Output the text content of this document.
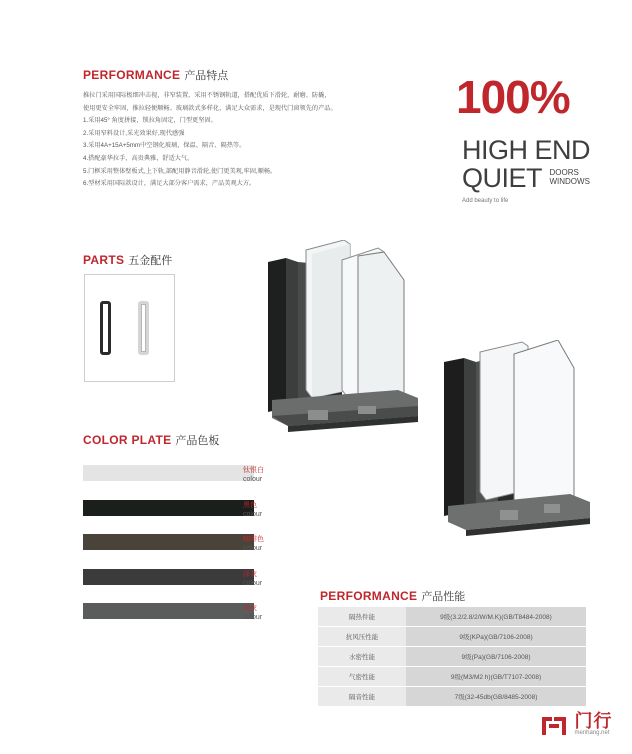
PERFORMANCE 产品特点

推拉门采用国际极细冲击视，非窄装置，采用不锈钢轨道，搭配优质下滑轮，耐磨、防撬，

使用更安全牢固，推拉轻便顺畅。玻璃款式多样化，满足大众需求，是现代门窗领先的产品。

1.采用45° 角度拼接，锁拉角固定，门型更坚固。

2.采用窄料设计,采光效果好,现代感强

3.采用4A+15A+5mm中空钢化玻璃，保温、隔音、隔热等。

4.搭配豪华拉手，高贵典雅，舒适大气。

5.门框采用整体壁板式,上下轨,部配用静音滑轮,使门更美观,牢固,顺畅。

6.型材采用国际款设计，满足大部分客户需求，产品美观大方。

100%
HIGH END
QUIET DOORS
WINDOWS
Add beauty to life
PARTS 五金配件
COLOR PLATE 产品色板
钛银白
colour
黑色
colour
咖啡色
colour
深灰
colour
浅灰
colour
PERFORMANCE 产品性能
隔热件能	9级(3.2/2.8/2/W/M.K)(GB/T8484-2008)
抗风压性能	9级(KPa)(GB/7106-2008)
水密性能	9级(Pa)(GB/7106-2008)
气密性能	9级(M3/M2 h)(GB/T7107-2008)
隔音性能	7级(32-45db(GB/8485-2008)

门行
menhang.net
